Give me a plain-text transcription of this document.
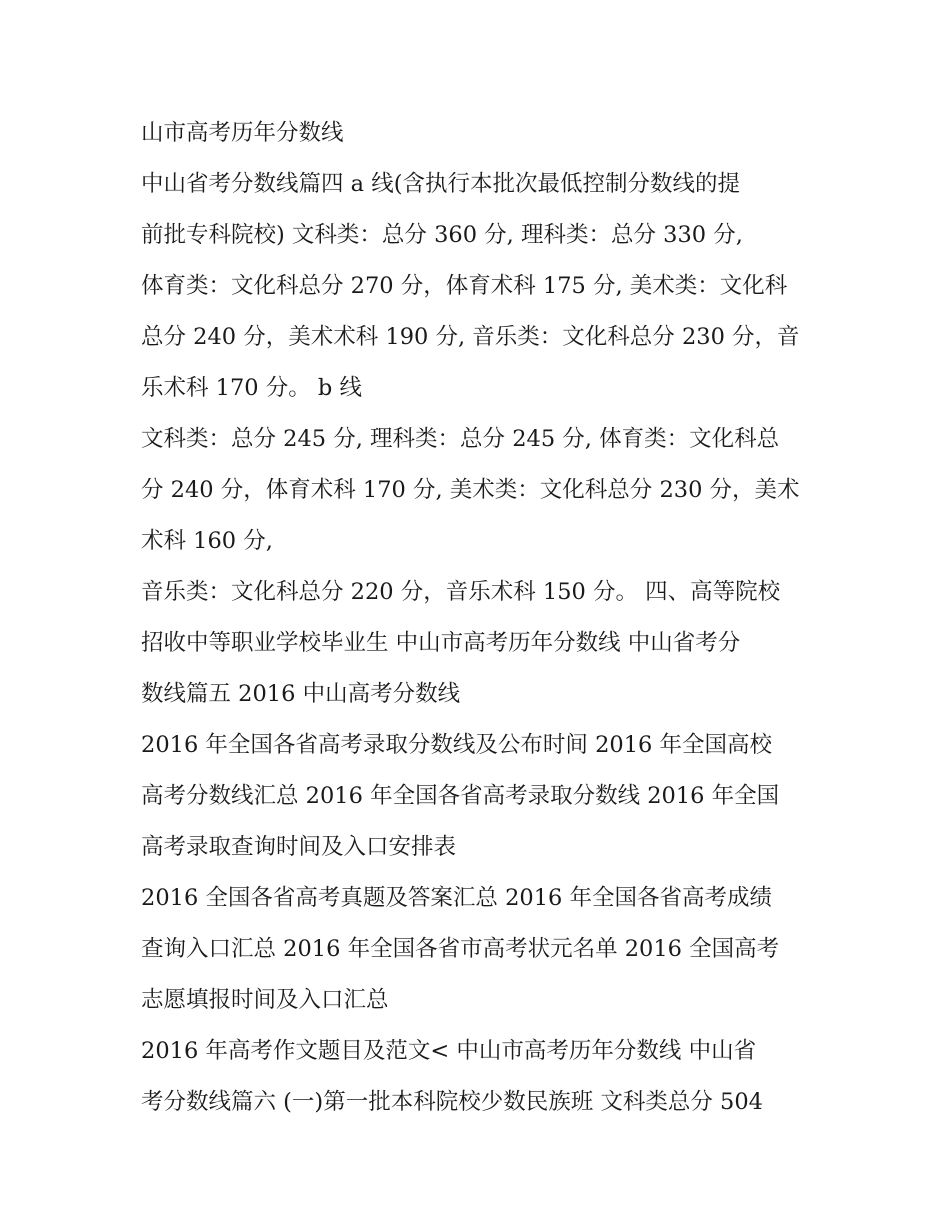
山市高考历年分数线
中山省考分数线篇四 a 线(含执行本批次最低控制分数线的提
前批专科院校) 文科类：总分 360 分, 理科类：总分 330 分,
体育类：文化科总分 270 分，体育术科 175 分, 美术类：文化科
总分 240 分，美术术科 190 分, 音乐类：文化科总分 230 分，音
乐术科 170 分。 b 线
文科类：总分 245 分, 理科类：总分 245 分, 体育类：文化科总
分 240 分，体育术科 170 分, 美术类：文化科总分 230 分，美术
术科 160 分,
音乐类：文化科总分 220 分，音乐术科 150 分。 四、高等院校
招收中等职业学校毕业生 中山市高考历年分数线 中山省考分
数线篇五 2016 中山高考分数线
2016 年全国各省高考录取分数线及公布时间 2016 年全国高校
高考分数线汇总 2016 年全国各省高考录取分数线 2016 年全国
高考录取查询时间及入口安排表
2016 全国各省高考真题及答案汇总 2016 年全国各省高考成绩
查询入口汇总 2016 年全国各省市高考状元名单 2016 全国高考
志愿填报时间及入口汇总
2016 年高考作文题目及范文< 中山市高考历年分数线 中山省
考分数线篇六 (一)第一批本科院校少数民族班 文科类总分 504
